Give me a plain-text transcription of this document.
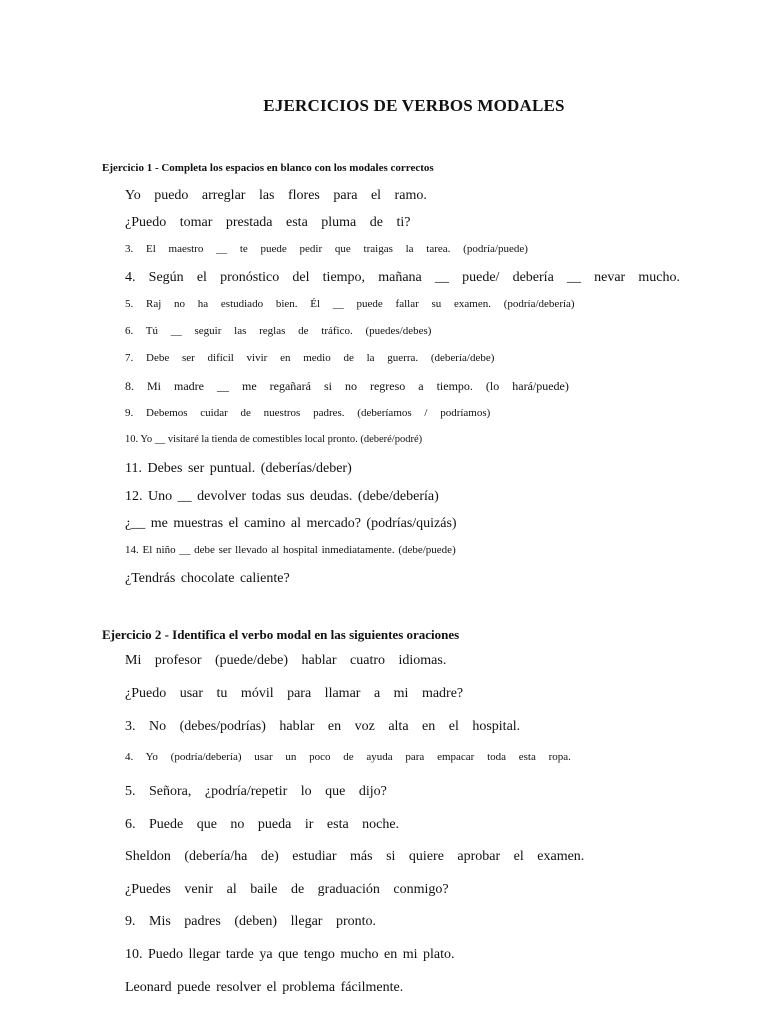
EJERCICIOS DE VERBOS MODALES
Ejercicio 1 - Completa los espacios en blanco con los modales correctos
Yo puedo arreglar las flores para el ramo.
¿Puedo tomar prestada esta pluma de ti?
3. El maestro __ te puede pedir que traigas la tarea. (podría/puede)
4. Según el pronóstico del tiempo, mañana __ puede/ debería __ nevar mucho.
5. Raj no ha estudiado bien. Él __ puede fallar su examen. (podría/debería)
6. Tú __ seguir las reglas de tráfico. (puedes/debes)
7. Debe ser difícil vivir en medio de la guerra. (debería/debe)
8. Mi madre __ me regañará si no regreso a tiempo. (lo hará/puede)
9. Debemos cuidar de nuestros padres. (deberíamos / podríamos)
10. Yo __ visitaré la tienda de comestibles local pronto. (deberé/podré)
11. Debes ser puntual. (deberías/deber)
12. Uno __ devolver todas sus deudas. (debe/debería)
¿__ me muestras el camino al mercado? (podrías/quizás)
14. El niño __ debe ser llevado al hospital inmediatamente. (debe/puede)
¿Tendrás chocolate caliente?
Ejercicio 2 - Identifica el verbo modal en las siguientes oraciones
Mi profesor (puede/debe) hablar cuatro idiomas.
¿Puedo usar tu móvil para llamar a mi madre?
3. No (debes/podrías) hablar en voz alta en el hospital.
4. Yo (podría/debería) usar un poco de ayuda para empacar toda esta ropa.
5. Señora, ¿podría/repetir lo que dijo?
6. Puede que no pueda ir esta noche.
Sheldon (debería/ha de) estudiar más si quiere aprobar el examen.
¿Puedes venir al baile de graduación conmigo?
9. Mis padres (deben) llegar pronto.
10. Puedo llegar tarde ya que tengo mucho en mi plato.
Leonard puede resolver el problema fácilmente.
